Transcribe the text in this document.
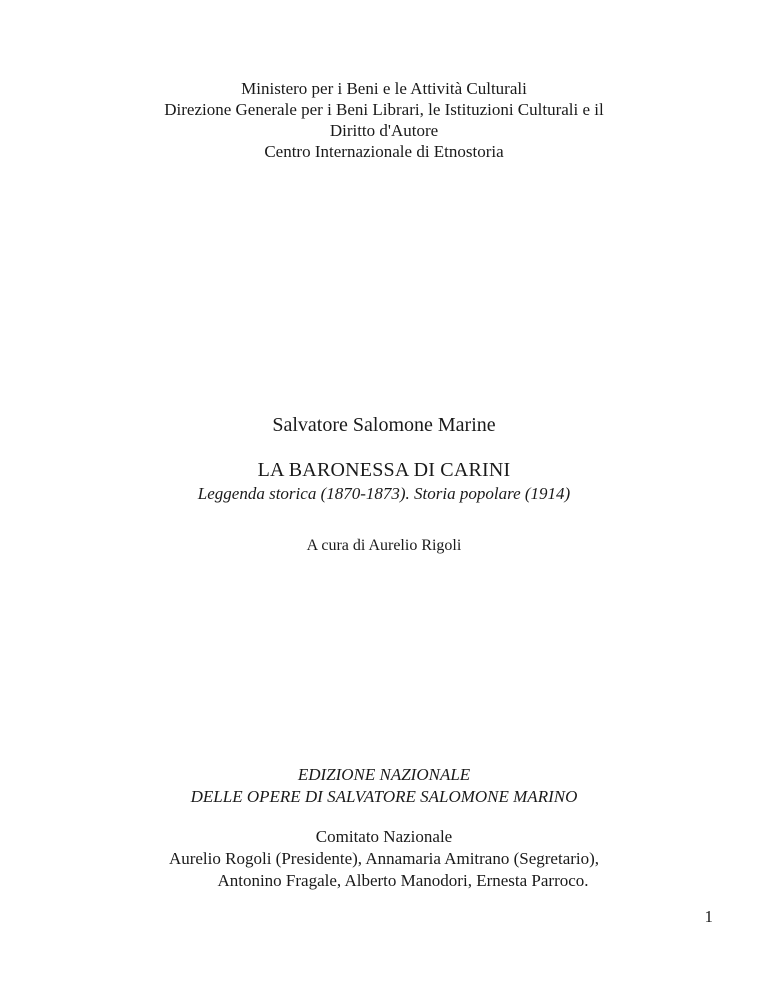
Ministero per i Beni e le Attività Culturali
Direzione Generale per i Beni Librari, le Istituzioni Culturali e il
Diritto d'Autore
Centro Internazionale di Etnostoria
Salvatore Salomone Marine
LA BARONESSA DI CARINI
Leggenda storica (1870-1873). Storia popolare (1914)
A cura di Aurelio Rigoli
EDIZIONE NAZIONALE
DELLE OPERE DI SALVATORE SALOMONE MARINO
Comitato Nazionale
Aurelio Rogoli (Presidente), Annamaria Amitrano (Segretario),
Antonino Fragale, Alberto Manodori, Ernesta Parroco.
1
